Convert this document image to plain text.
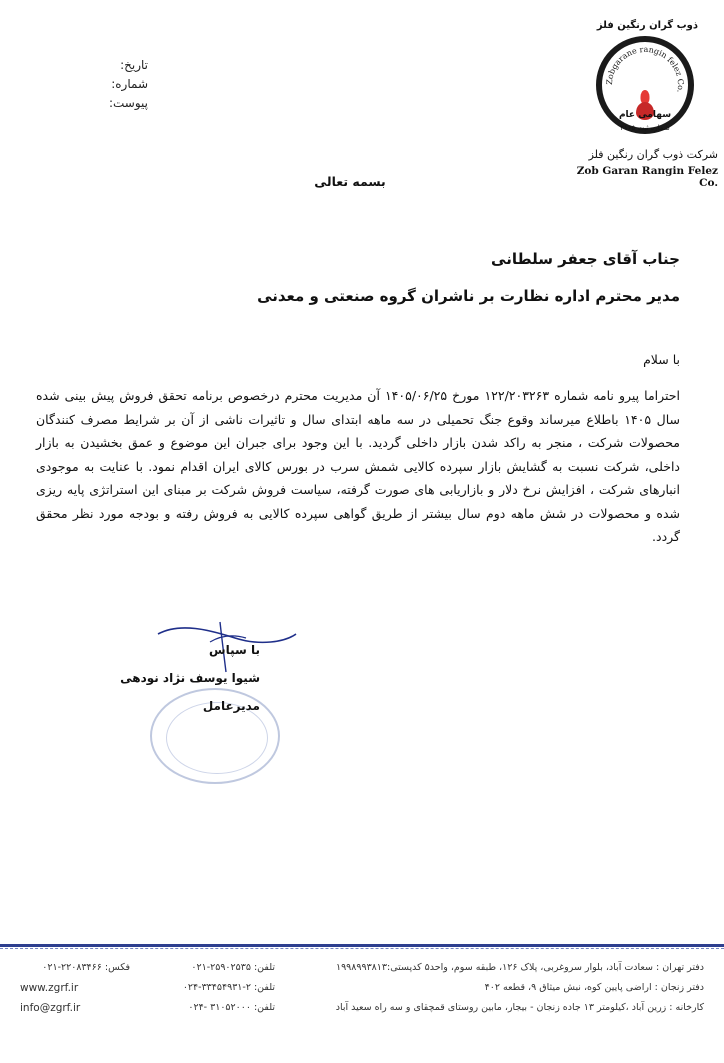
تاریخ:
شماره:
پیوست:
ذوب گران رنگین فلز
Zobgarane rangin felez Co.
سهامی عام
شماره ثبت ۲۱۶۵
شرکت ذوب گران رنگین فلز
Zob Garan Rangin Felez Co.
بسمه تعالی
جناب آقای جعفر سلطانی
مدیر محترم اداره نظارت بر ناشران گروه صنعتی و معدنی
با سلام
احتراما پیرو نامه شماره ۱۲۲/۲۰۳۲۶۳ مورخ ۱۴۰۵/۰۶/۲۵ آن مدیریت محترم درخصوص برنامه تحقق فروش پیش بینی شده سال ۱۴۰۵ باطلاع میرساند وقوع جنگ تحمیلی در سه ماهه ابتدای سال و تاثیرات ناشی از آن بر شرایط مصرف کنندگان محصولات شرکت ، منجر به راکد شدن بازار داخلی گردید. با این وجود برای جبران این موضوع و عمق بخشیدن به بازار داخلی، شرکت نسبت به گشایش بازار سپرده کالایی شمش سرب در بورس کالای ایران اقدام نمود. با عنایت به موجودی انبارهای شرکت ، افزایش نرخ دلار و بازاریابی های صورت گرفته، سیاست فروش شرکت بر مبنای این استراتژی پایه ریزی شده و محصولات در شش ماهه دوم سال بیشتر از طریق گواهی سپرده کالایی به فروش رفته و بودجه مورد نظر محقق گردد.
با سپاس
شیوا یوسف نژاد نودهی
مدیرعامل
دفتر تهران : سعادت آباد، بلوار سروغربی، پلاک ۱۲۶، طبقه سوم، واحد۵ کدپستی:۱۹۹۸۹۹۳۸۱۳
دفتر زنجان : اراضی پایین کوه، نبش میثاق ۹، قطعه ۴۰۲
کارخانه : زرین آباد ،کیلومتر ۱۳ جاده زنجان - بیجار، مابین روستای قمچقای و سه راه سعید آباد
تلفن: ۲۵۹۰۲۵۳۵-۰۲۱
تلفن: ۲-۳۳۴۵۴۹۳۱-۰۲۴
تلفن: ۳۱۰۵۲۰۰۰ -۰۲۴
فکس: ۲۲۰۸۳۴۶۶-۰۲۱
www.zgrf.ir
info@zgrf.ir
